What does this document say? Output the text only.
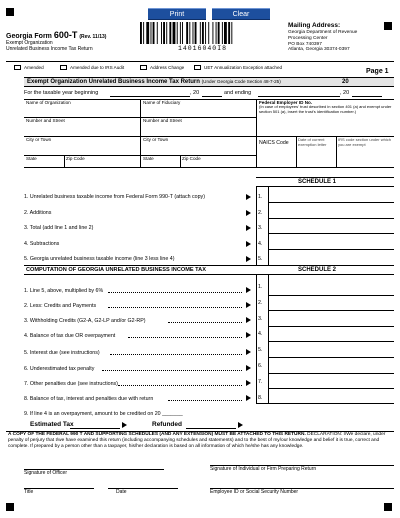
Print	Clear
Georgia Form 600-T (Rev. 11/13)
Exempt Organization
Unrelated Business Income Tax Return	14016040I8
Mailing Address:
Georgia Department of Revenue
Processing Center
PO Box 740397
Atlanta, Georgia 30374-0397
Amended	Amended due to IRS Audit	Address Change	UET Annualization Exception attached
Page 1
Exempt Organization Unrelated Business Income Tax Return (Under Georgia Code Section 48-7-25)	20
For the taxable year beginning	, 20	and ending	, 20
Name of Organization	Name of Fiduciary	Federal Employer ID No.
(In case of employees' trust described in section 401 (a) and exempt under section 501 (a), insert the trust's identification number.)
Number and Street	Number and Street
City or Town	City or Town
NAICS Code
Date of current exemption letter
IRS code section under which you are exempt
State	Zip Code	State	Zip Code
SCHEDULE 1
1. Unrelated business taxable income from Federal Form 990-T (attach copy)	1.
2. Additions	2.
3. Total (add line 1 and line 2)	3.
4. Subtractions	4.
5. Georgia unrelated business taxable income (line 3 less line 4)	5.
COMPUTATION OF GEORGIA UNRELATED BUSINESS INCOME TAX	SCHEDULE 2
1. Line 5, above, multiplied by 6%
1.
2. Less: Credits and Payments	2.
3. Withholding Credits (G2-A, G2-LP and/or G2-RP)	3.
4. Balance of tax due OR overpayment	4.
5. Interest due (see instructions)	5.
6. Underestimated tax penalty	6.
7. Other penalties due (see instructions)	7.
8. Balance of tax, interest and penalties due with return	8.
9. If line 4 is an overpayment, amount to be credited on 20 _______
Estimated Tax	Refunded
A COPY OF THE FEDERAL 990 T AND SUPPORTING SCHEDULES (AND ANY EXTENSION) MUST BE ATTACHED TO THIS RETURN. DECLARATION: I/We declare, under penalty of perjury that I/we have examined this return (including accompanying schedules and statements) and to the best of my/our knowledge and belief it is true, correct and complete. If prepared by a person other than a taxpayer, his/her declaration is based on all information of which he/she has any knowledge.
Signature of Officer
Signature of Individual or Firm Preparing Return
Title	Date	Employee ID or Social Security Number
